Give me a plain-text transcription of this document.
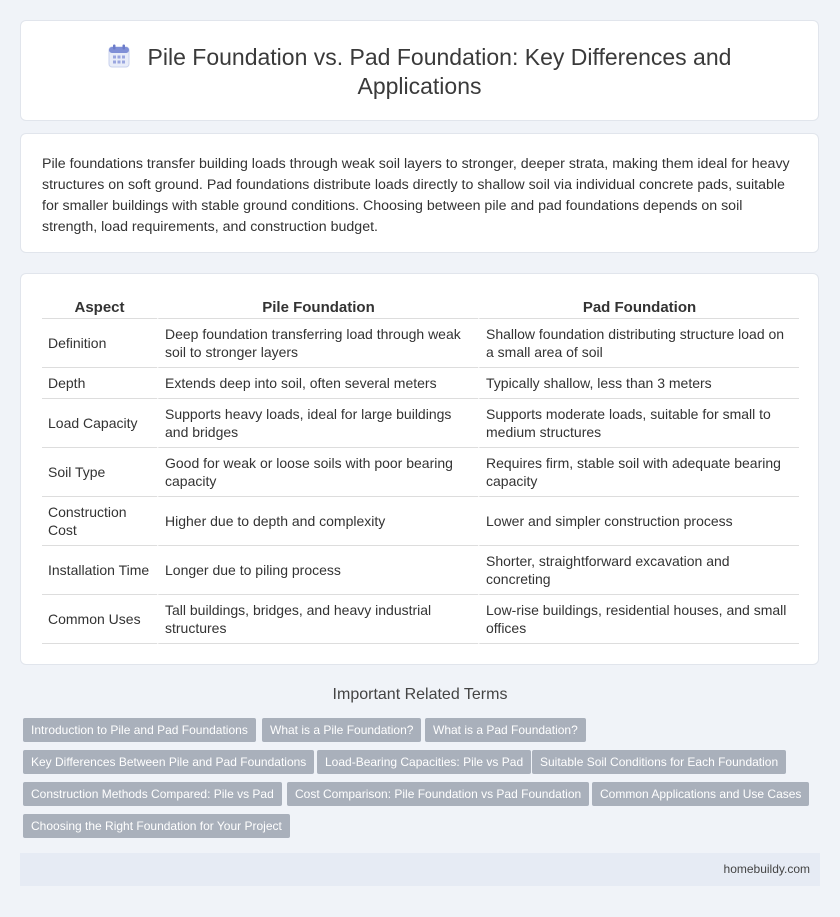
Pile Foundation vs. Pad Foundation: Key Differences and
Applications

Pile foundations transfer building loads through weak soil layers to stronger, deeper strata, making them ideal for heavy structures on soft ground. Pad foundations distribute loads directly to shallow soil via individual concrete pads, suitable for smaller buildings with stable ground conditions. Choosing between pile and pad foundations depends on soil strength, load requirements, and construction budget.

Aspect	Pile Foundation	Pad Foundation
Definition	Deep foundation transferring load through weak soil to stronger layers	Shallow foundation distributing structure load on a small area of soil
Depth	Extends deep into soil, often several meters	Typically shallow, less than 3 meters
Load Capacity	Supports heavy loads, ideal for large buildings and bridges	Supports moderate loads, suitable for small to medium structures
Soil Type	Good for weak or loose soils with poor bearing capacity	Requires firm, stable soil with adequate bearing capacity
Construction Cost	Higher due to depth and complexity	Lower and simpler construction process
Installation Time	Longer due to piling process	Shorter, straightforward excavation and concreting
Common Uses	Tall buildings, bridges, and heavy industrial structures	Low-rise buildings, residential houses, and small offices
Important Related Terms
Introduction to Pile and Pad Foundations	What is a Pile Foundation?	What is a Pad Foundation?
Key Differences Between Pile and Pad Foundations	Load-Bearing Capacities: Pile vs Pad	Suitable Soil Conditions for Each Foundation
Construction Methods Compared: Pile vs Pad	Cost Comparison: Pile Foundation vs Pad Foundation	Common Applications and Use Cases
Choosing the Right Foundation for Your Project
homebuildy.com
